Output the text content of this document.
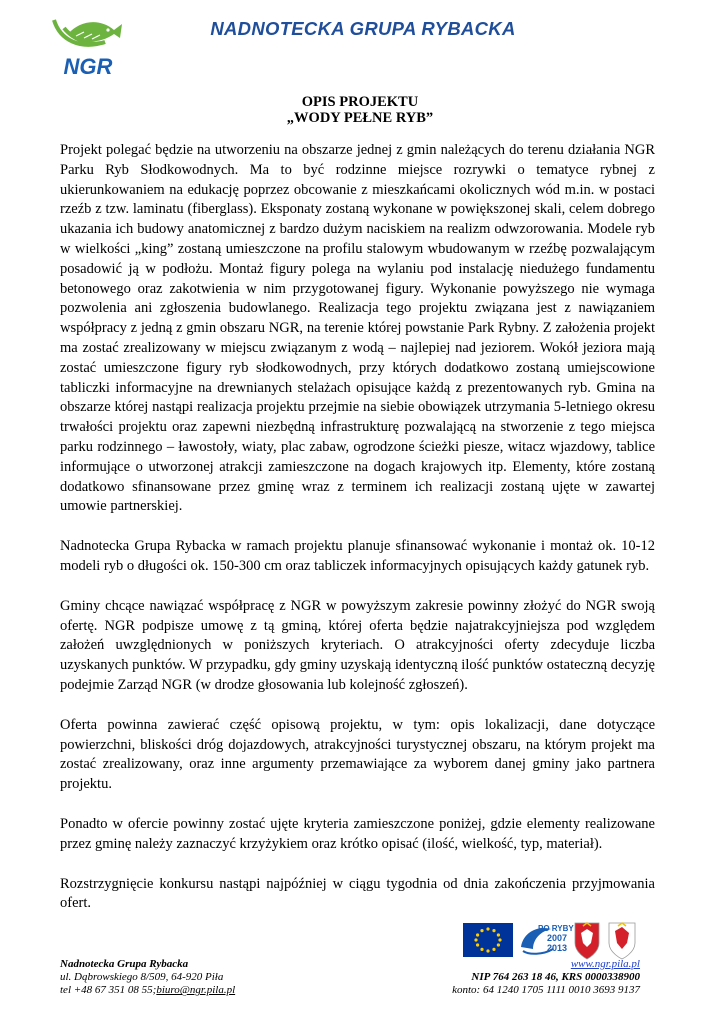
NGR
NADNOTECKA GRUPA RYBACKA
OPIS PROJEKTU
„WODY PEŁNE RYB”

Projekt polegać będzie na utworzeniu na obszarze jednej z gmin należących do terenu działania NGR Parku Ryb Słodkowodnych. Ma to być rodzinne miejsce rozrywki o tematyce rybnej z ukierunkowaniem na edukację poprzez obcowanie z mieszkańcami okolicznych wód m.in. w postaci rzeźb z tzw. laminatu (fiberglass). Eksponaty zostaną wykonane w powiększonej skali, celem dobrego ukazania ich budowy anatomicznej z bardzo dużym naciskiem na realizm odwzorowania. Modele ryb w wielkości „king” zostaną umieszczone na profilu stalowym wbudowanym w rzeźbę pozwalającym posadowić ją w podłożu. Montaż figury polega na wylaniu pod instalację niedużego fundamentu betonowego oraz zakotwienia w nim przygotowanej figury. Wykonanie powyższego nie wymaga pozwolenia ani zgłoszenia budowlanego. Realizacja tego projektu związana jest z nawiązaniem współpracy z jedną z gmin obszaru NGR, na terenie której powstanie Park Rybny. Z założenia projekt ma zostać zrealizowany w miejscu związanym z wodą – najlepiej nad jeziorem. Wokół jeziora mają zostać umieszczone figury ryb słodkowodnych, przy których dodatkowo zostaną umiejscowione tabliczki informacyjne na drewnianych stelażach opisujące każdą z prezentowanych ryb. Gmina na obszarze której nastąpi realizacja projektu przejmie na siebie obowiązek utrzymania 5-letniego okresu trwałości projektu oraz zapewni niezbędną infrastrukturę pozwalającą na stworzenie z tego miejsca parku rodzinnego – ławostoły, wiaty, plac zabaw, ogrodzone ścieżki piesze, witacz wjazdowy, tablice informujące o utworzonej atrakcji zamieszczone na dogach krajowych itp. Elementy, które zostaną dodatkowo sfinansowane przez gminę wraz z terminem ich realizacji zostaną ujęte w zawartej umowie partnerskiej.

Nadnotecka Grupa Rybacka w ramach projektu planuje sfinansować wykonanie i montaż ok. 10-12 modeli ryb o długości ok. 150-300 cm oraz tabliczek informacyjnych opisujących każdy gatunek ryb.

Gminy chcące nawiązać współpracę z NGR w powyższym zakresie powinny złożyć do NGR swoją ofertę. NGR podpisze umowę z tą gminą, której oferta będzie najatrakcyjniejsza pod względem założeń uwzględnionych w poniższych kryteriach. O atrakcyjności oferty zdecyduje liczba uzyskanych punktów. W przypadku, gdy gminy uzyskają identyczną ilość punktów ostateczną decyzję podejmie Zarząd NGR (w drodze głosowania lub kolejność zgłoszeń).

Oferta powinna zawierać część opisową projektu, w tym: opis lokalizacji, dane dotyczące powierzchni, bliskości dróg dojazdowych, atrakcyjności turystycznej obszaru, na którym projekt ma zostać zrealizowany, oraz inne argumenty przemawiające za wyborem danej gminy jako partnera projektu.

Ponadto w ofercie powinny zostać ujęte kryteria zamieszczone poniżej, gdzie elementy realizowane przez gminę należy zaznaczyć krzyżykiem oraz krótko opisać (ilość, wielkość, typ, materiał).

Rozstrzygnięcie konkursu nastąpi najpóźniej w ciągu tygodnia od dnia zakończenia przyjmowania ofert.

PO RYBY
2007
2013
Nadnotecka Grupa Rybacka
ul. Dąbrowskiego 8/509, 64-920 Piła
tel +48 67 351 08 55;biuro@ngr.pila.pl
www.ngr.pila.pl
NIP 764 263 18 46, KRS 0000338900
konto: 64 1240 1705 1111 0010 3693 9137
